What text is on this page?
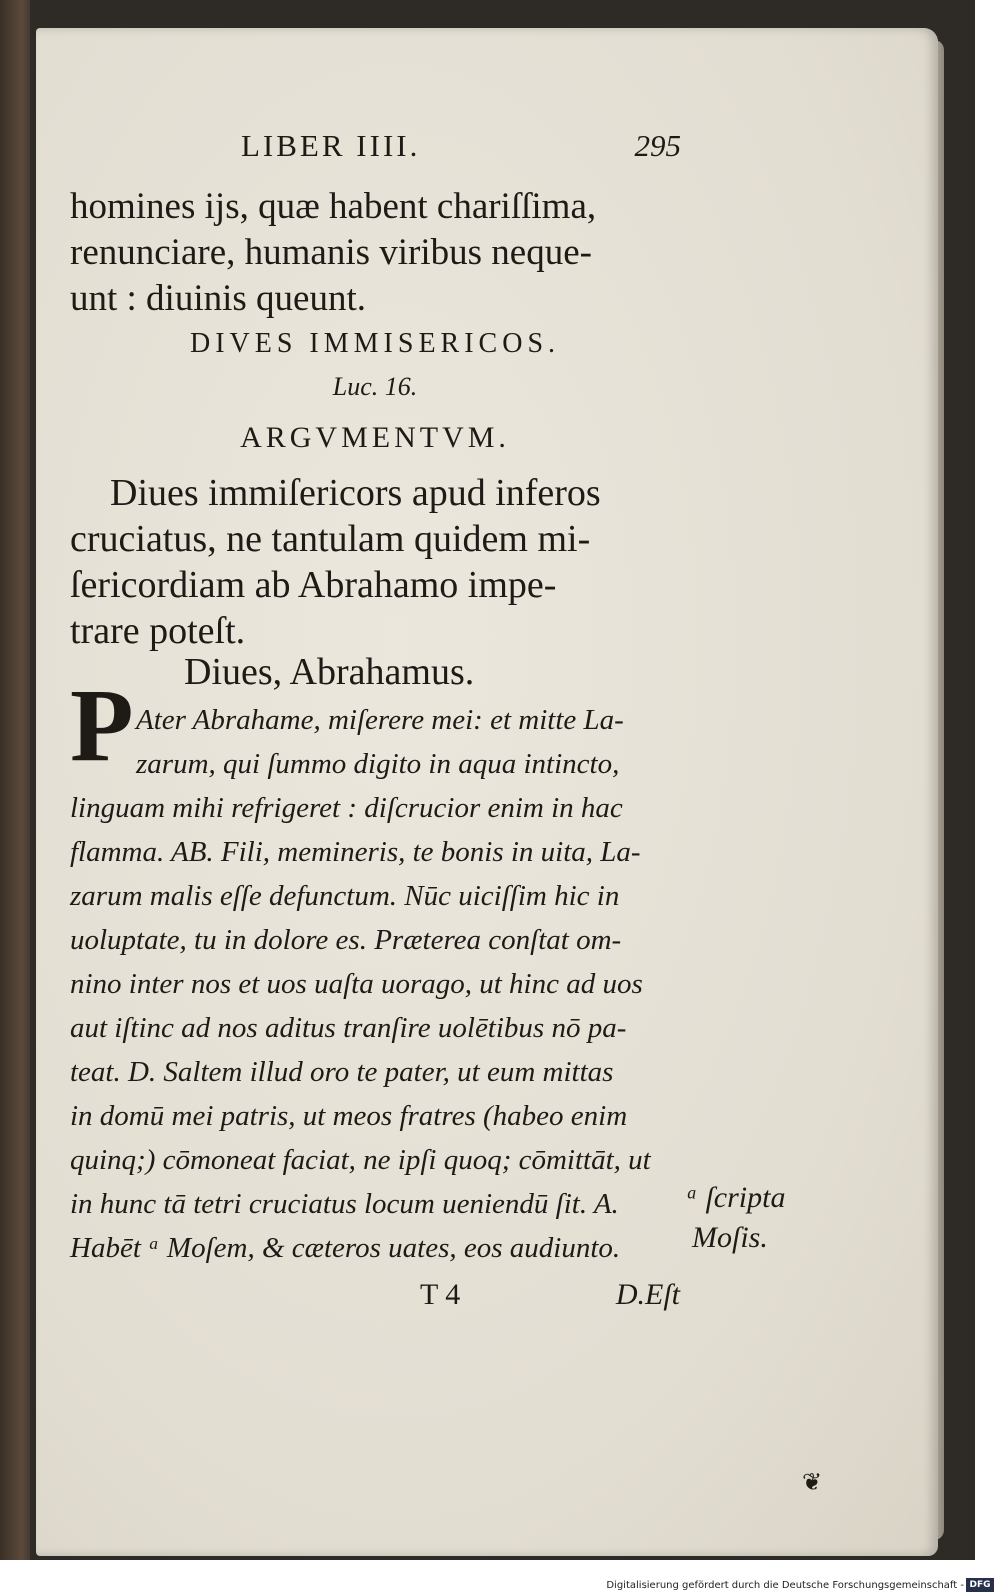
LIBER IIII.	295
homines ijs, quæ habent chariſſima,
renunciare, humanis viribus neque-
unt : diuinis queunt.
DIVES IMMISERICOS.
Luc. 16.
ARGVMENTVM.
Diues immiſericors apud inferos
cruciatus, ne tantulam quidem mi-
ſericordiam ab Abrahamo impe-
trare poteſt.
Diues, Abrahamus.
P Ater Abrahame, miſerere mei: et mitte La-
zarum, qui ſummo digito in aqua intincto,
linguam mihi refrigeret : diſcrucior enim in hac
flamma. AB. Fili, memineris, te bonis in uita, La-
zarum malis eſſe defunctum. Nūc uiciſſim hic in
uoluptate, tu in dolore es. Præterea conſtat om-
nino inter nos et uos uaſta uorago, ut hinc ad uos
aut iſtinc ad nos aditus tranſire uolētibus nō pa-
teat. D. Saltem illud oro te pater, ut eum mittas
in domū mei patris, ut meos fratres (habeo enim
quinq;) cōmoneat faciat, ne ipſi quoq; cōmittāt, ut
in hunc tā tetri cruciatus locum ueniendū ſit. A.
Habēt ᵃ Moſem, & cæteros uates, eos audiunto.
T 4	D.Eſt
ᵃ ſcripta
Moſis.
❦
Digitalisierung gefördert durch die Deutsche Forschungsgemeinschaft - DFG
